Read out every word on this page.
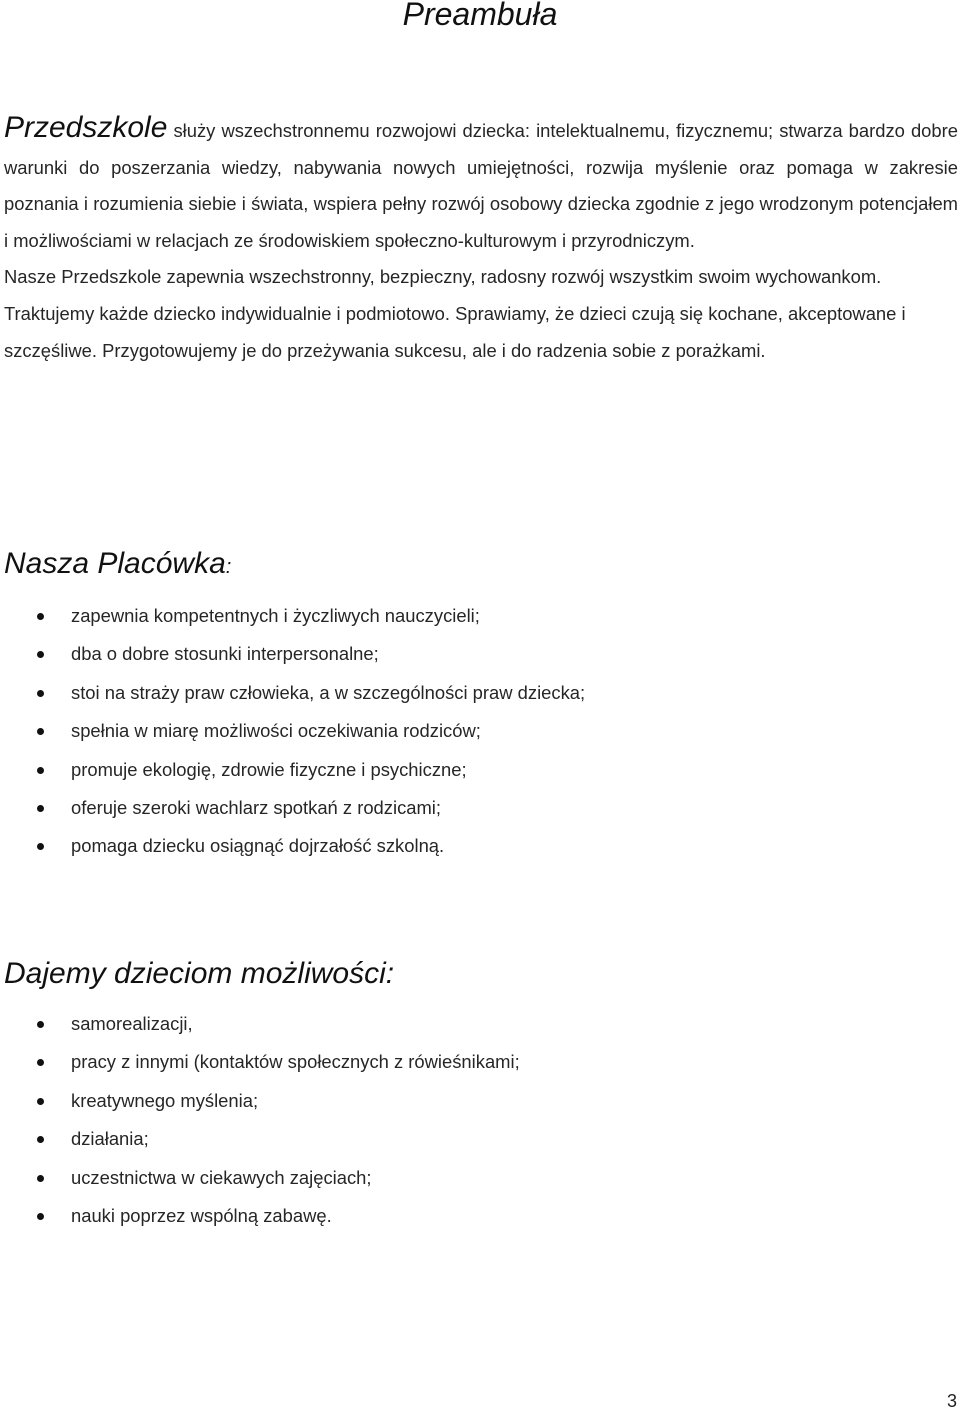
Preambuła

Przedszkole służy wszechstronnemu rozwojowi dziecka: intelektualnemu, fizycznemu; stwarza bardzo dobre warunki do poszerzania wiedzy, nabywania nowych umiejętności, rozwija myślenie oraz pomaga w zakresie poznania i rozumienia siebie i świata, wspiera pełny rozwój osobowy dziecka zgodnie z jego wrodzonym potencjałem i możliwościami w relacjach ze środowiskiem społeczno-kulturowym i przyrodniczym.

Nasze Przedszkole zapewnia wszechstronny, bezpieczny, radosny rozwój wszystkim swoim wychowankom. Traktujemy każde dziecko indywidualnie i podmiotowo. Sprawiamy, że dzieci czują się kochane, akceptowane i szczęśliwe. Przygotowujemy je do przeżywania sukcesu, ale i do radzenia sobie z porażkami.

Nasza Placówka:
zapewnia kompetentnych i życzliwych nauczycieli;
dba o dobre stosunki interpersonalne;
stoi na straży praw człowieka, a w szczególności praw dziecka;
spełnia w miarę możliwości oczekiwania rodziców;
promuje ekologię, zdrowie fizyczne i psychiczne;
oferuje szeroki wachlarz spotkań z rodzicami;
pomaga dziecku osiągnąć dojrzałość szkolną.
Dajemy dzieciom możliwości:
samorealizacji,
pracy z innymi (kontaktów społecznych z rówieśnikami;
kreatywnego myślenia;
działania;
uczestnictwa w ciekawych zajęciach;
nauki poprzez wspólną zabawę.
3
